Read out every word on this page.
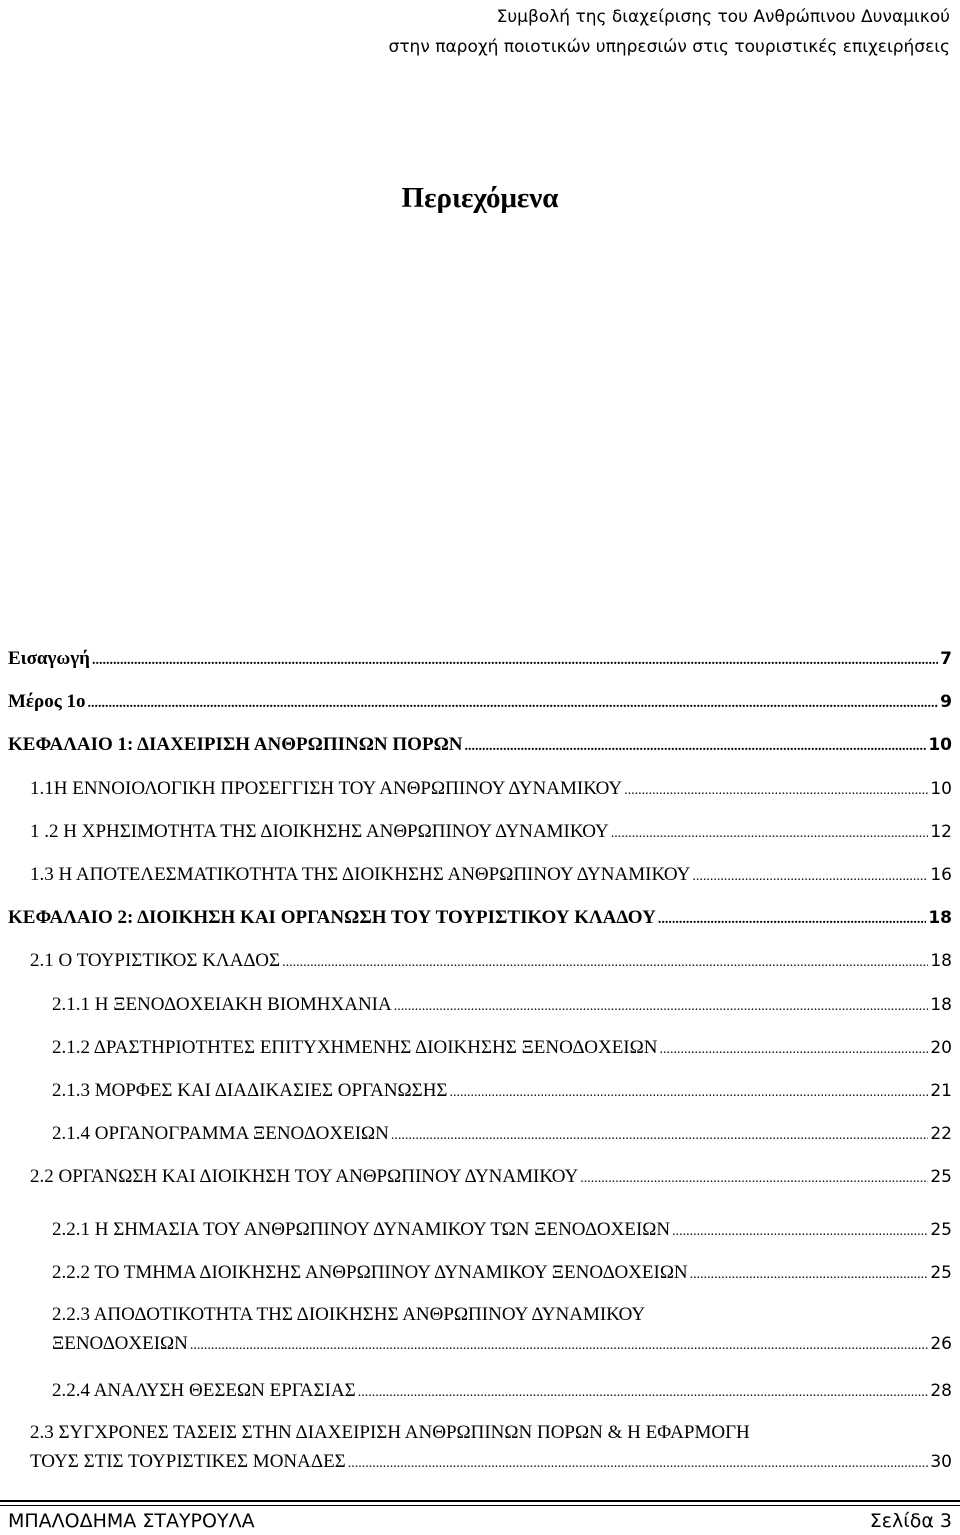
Συμβολή της διαχείρισης του Ανθρώπινου Δυναμικού
στην παροχή ποιοτικών υπηρεσιών στις τουριστικές επιχειρήσεις
Περιεχόμενα
Εισαγωγή .....	7
Μέρος 1ο .....	9
ΚΕΦΑΛΑΙΟ 1: ΔΙΑΧΕΙΡΙΣΗ ΑΝΘΡΩΠΙΝΩΝ ΠΟΡΩΝ .....	10
1.1Η ΕΝΝΟΙΟΛΟΓΙΚΗ ΠΡΟΣΕΓΓΙΣΗ ΤΟΥ ΑΝΘΡΩΠΙΝΟΥ ΔΥΝΑΜΙΚΟΥ .....	10
1 .2 Η ΧΡΗΣΙΜΟΤΗΤΑ ΤΗΣ ΔΙΟΙΚΗΣΗΣ ΑΝΘΡΩΠΙΝΟΥ ΔΥΝΑΜΙΚΟΥ .....	12
1.3 Η ΑΠΟΤΕΛΕΣΜΑΤΙΚΟΤΗΤΑ ΤΗΣ ΔΙΟΙΚΗΣΗΣ ΑΝΘΡΩΠΙΝΟΥ ΔΥΝΑΜΙΚΟΥ .....	16
ΚΕΦΑΛΑΙΟ 2: ΔΙΟΙΚΗΣΗ ΚΑΙ ΟΡΓΑΝΩΣΗ ΤΟΥ ΤΟΥΡΙΣΤΙΚΟΥ ΚΛΑΔΟΥ .....	18
2.1 Ο ΤΟΥΡΙΣΤΙΚΟΣ ΚΛΑΔΟΣ .....	18
2.1.1 Η ΞΕΝΟΔΟΧΕΙΑΚΗ ΒΙΟΜΗΧΑΝΙΑ .....	18
2.1.2 ΔΡΑΣΤΗΡΙΟΤΗΤΕΣ ΕΠΙΤΥΧΗΜΕΝΗΣ ΔΙΟΙΚΗΣΗΣ ΞΕΝΟΔΟΧΕΙΩΝ .....	20
2.1.3 ΜΟΡΦΕΣ ΚΑΙ ΔΙΑΔΙΚΑΣΙΕΣ ΟΡΓΑΝΩΣΗΣ .....	21
2.1.4 ΟΡΓΑΝΟΓΡΑΜΜΑ ΞΕΝΟΔΟΧΕΙΩΝ .....	22
2.2 ΟΡΓΑΝΩΣΗ ΚΑΙ ΔΙΟΙΚΗΣΗ ΤΟΥ ΑΝΘΡΩΠΙΝΟΥ ΔΥΝΑΜΙΚΟΥ .....	25
2.2.1 Η ΣΗΜΑΣΙΑ ΤΟΥ ΑΝΘΡΩΠΙΝΟΥ ΔΥΝΑΜΙΚΟΥ ΤΩΝ ΞΕΝΟΔΟΧΕΙΩΝ .....	25
2.2.2 ΤΟ ΤΜΗΜΑ ΔΙΟΙΚΗΣΗΣ ΑΝΘΡΩΠΙΝΟΥ ΔΥΝΑΜΙΚΟΥ ΞΕΝΟΔΟΧΕΙΩΝ .....	25
2.2.3 ΑΠΟΔΟΤΙΚΟΤΗΤΑ ΤΗΣ ΔΙΟΙΚΗΣΗΣ ΑΝΘΡΩΠΙΝΟΥ ΔΥΝΑΜΙΚΟΥ
ΞΕΝΟΔΟΧΕΙΩΝ .....	26
2.2.4 ΑΝΑΛΥΣΗ ΘΕΣΕΩΝ ΕΡΓΑΣΙΑΣ .....	28
2.3 ΣΥΓΧΡΟΝΕΣ ΤΑΣΕΙΣ ΣΤΗΝ ΔΙΑΧΕΙΡΙΣΗ ΑΝΘΡΩΠΙΝΩΝ ΠΟΡΩΝ & Η ΕΦΑΡΜΟΓΗ
ΤΟΥΣ ΣΤΙΣ ΤΟΥΡΙΣΤΙΚΕΣ ΜΟΝΑΔΕΣ .....	30
ΜΠΑΛΟΔΗΜΑ ΣΤΑΥΡΟΥΛΑ	Σελίδα 3
